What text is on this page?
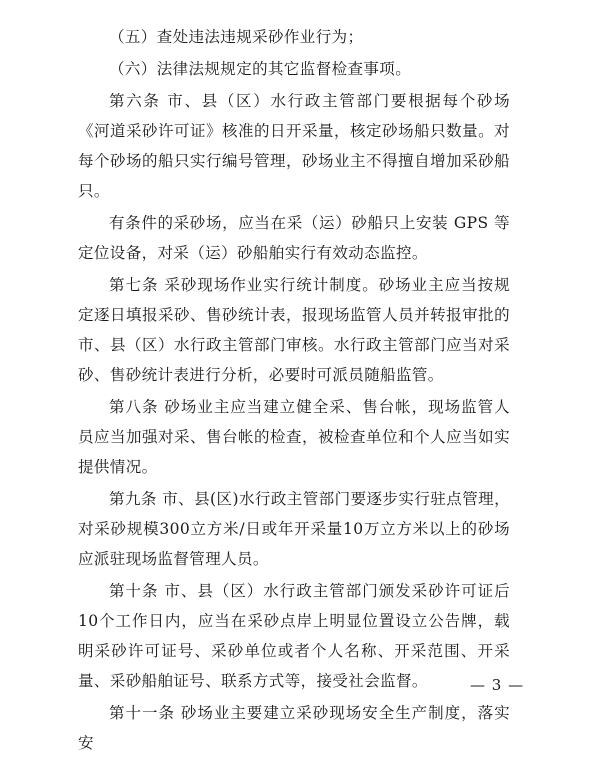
（五）查处违法违规采砂作业行为；

（六）法律法规规定的其它监督检查事项。

第六条 市、县（区）水行政主管部门要根据每个砂场《河道采砂许可证》核准的日开采量，核定砂场船只数量。对每个砂场的船只实行编号管理，砂场业主不得擅自增加采砂船只。

有条件的采砂场，应当在采（运）砂船只上安装 GPS 等定位设备，对采（运）砂船舶实行有效动态监控。

第七条 采砂现场作业实行统计制度。砂场业主应当按规定逐日填报采砂、售砂统计表，报现场监管人员并转报审批的市、县（区）水行政主管部门审核。水行政主管部门应当对采砂、售砂统计表进行分析，必要时可派员随船监管。

第八条 砂场业主应当建立健全采、售台帐，现场监管人员应当加强对采、售台帐的检查，被检查单位和个人应当如实提供情况。

第九条 市、县(区)水行政主管部门要逐步实行驻点管理，对采砂规模300立方米/日或年开采量10万立方米以上的砂场应派驻现场监督管理人员。

第十条 市、县（区）水行政主管部门颁发采砂许可证后10个工作日内，应当在采砂点岸上明显位置设立公告牌，载明采砂许可证号、采砂单位或者个人名称、开采范围、开采量、采砂船舶证号、联系方式等，接受社会监督。

第十一条 砂场业主要建立采砂现场安全生产制度，落实安

— 3 —
